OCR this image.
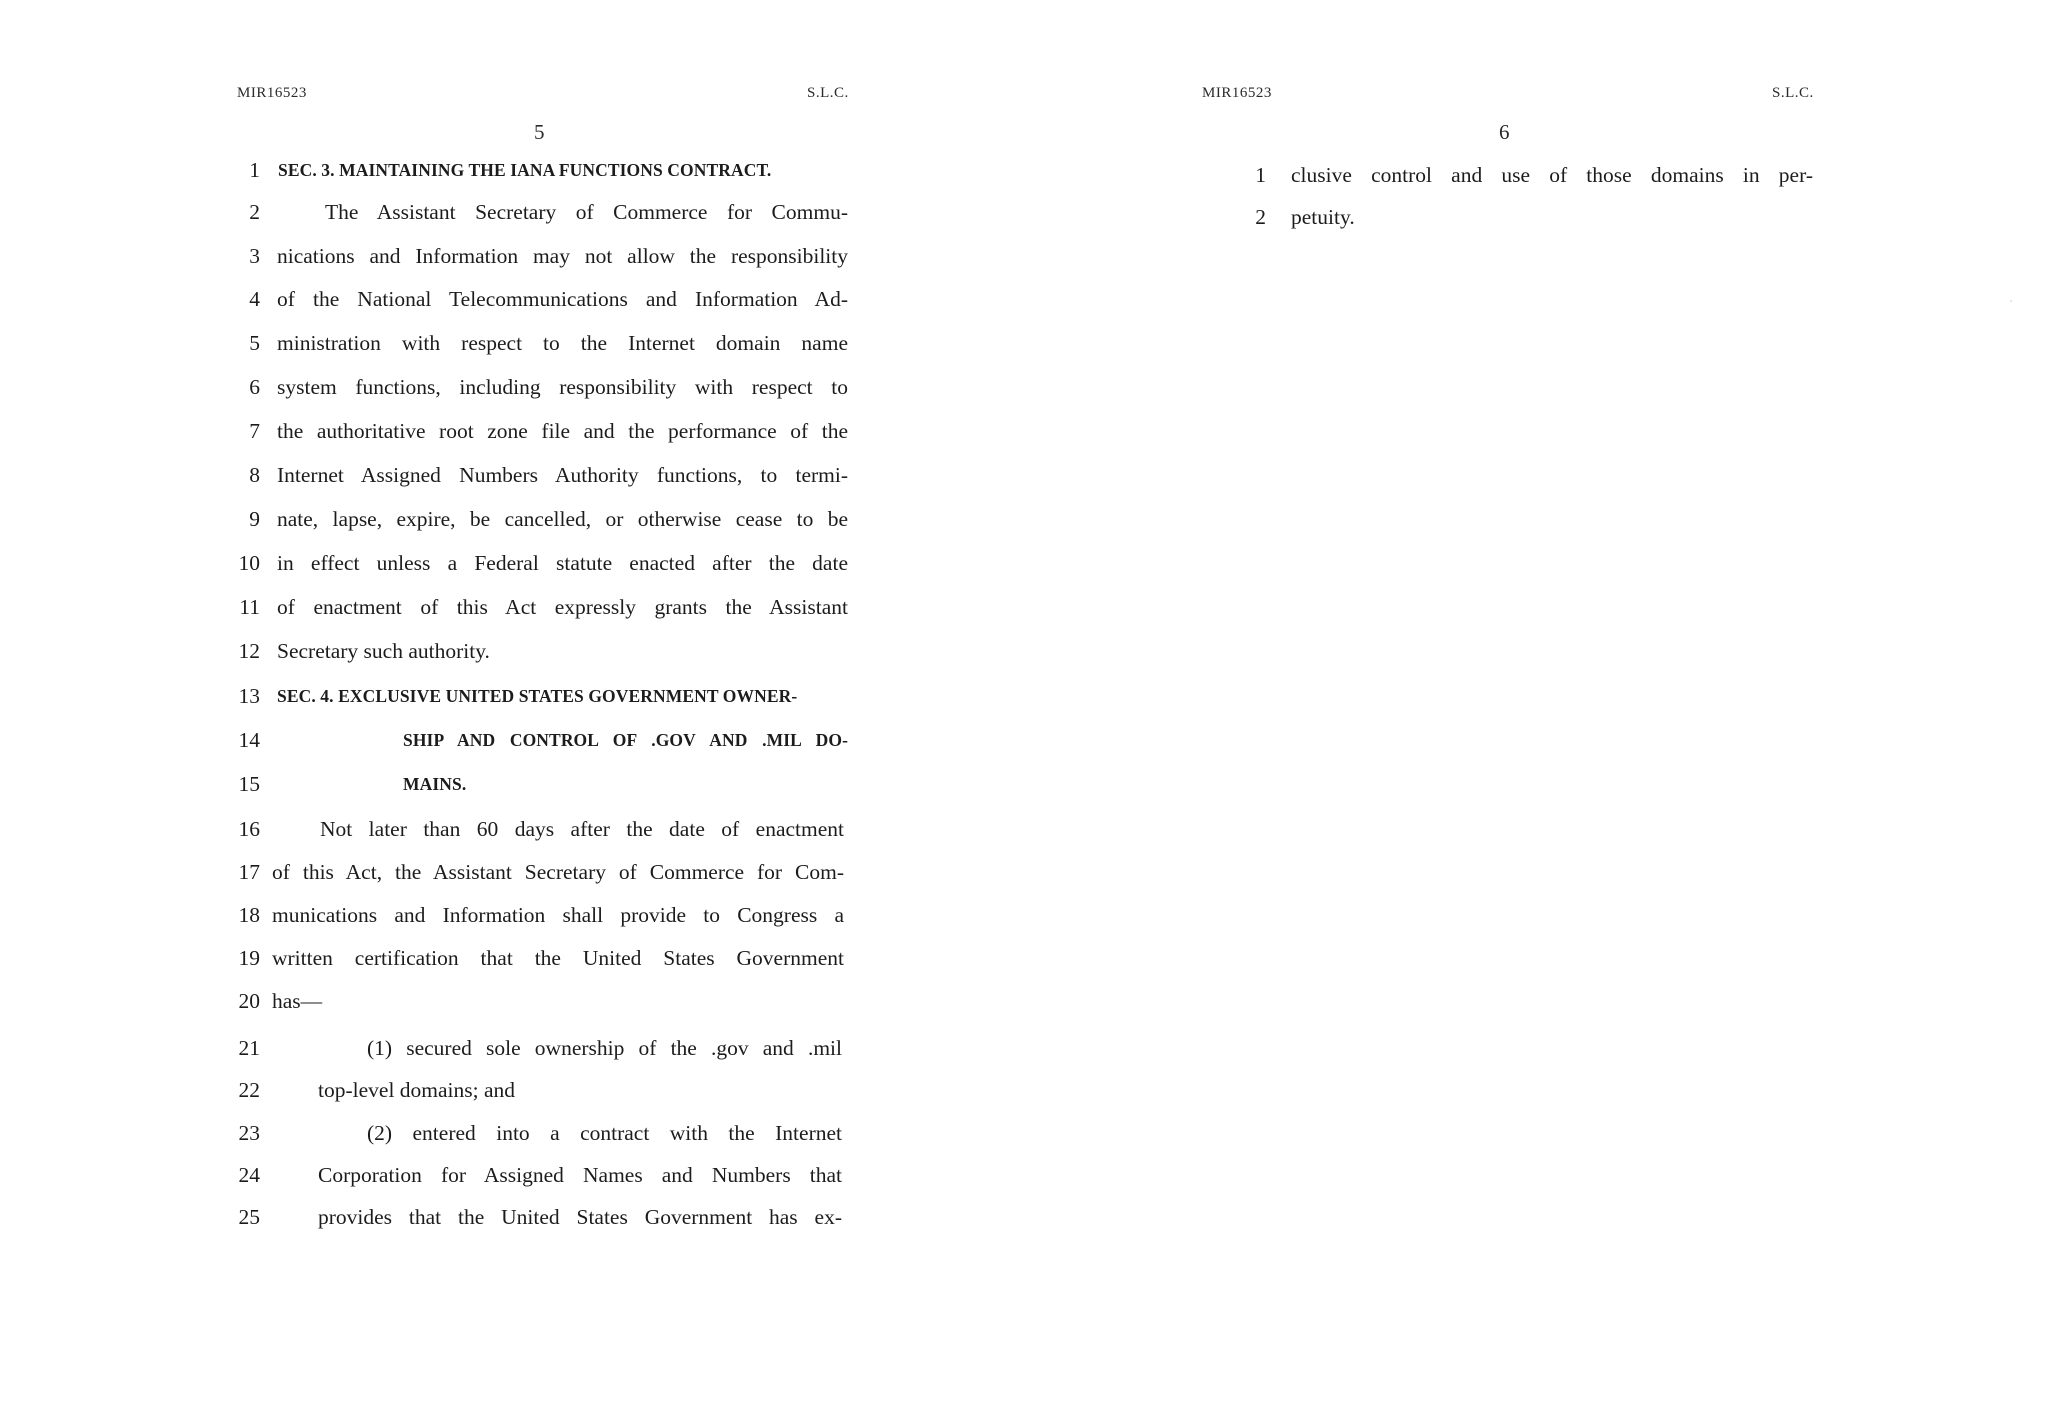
MIR16523	S.L.C.
5
1 SEC. 3. MAINTAINING THE IANA FUNCTIONS CONTRACT.
2	The Assistant Secretary of Commerce for Commu-
3 nications and Information may not allow the responsibility
4 of the National Telecommunications and Information Ad-
5 ministration with respect to the Internet domain name
6 system functions, including responsibility with respect to
7 the authoritative root zone file and the performance of the
8 Internet Assigned Numbers Authority functions, to termi-
9 nate, lapse, expire, be cancelled, or otherwise cease to be
10 in effect unless a Federal statute enacted after the date
11 of enactment of this Act expressly grants the Assistant
12 Secretary such authority.
13 SEC. 4. EXCLUSIVE UNITED STATES GOVERNMENT OWNER-
14	SHIP AND CONTROL OF .GOV AND .MIL DO-
15	MAINS.
16	Not later than 60 days after the date of enactment
17 of this Act, the Assistant Secretary of Commerce for Com-
18 munications and Information shall provide to Congress a
19 written certification that the United States Government
20 has—
21	(1) secured sole ownership of the .gov and .mil
22	top-level domains; and
23	(2) entered into a contract with the Internet
24	Corporation for Assigned Names and Numbers that
25	provides that the United States Government has ex-
MIR16523	S.L.C.
6
1 clusive control and use of those domains in per-
2 petuity.
